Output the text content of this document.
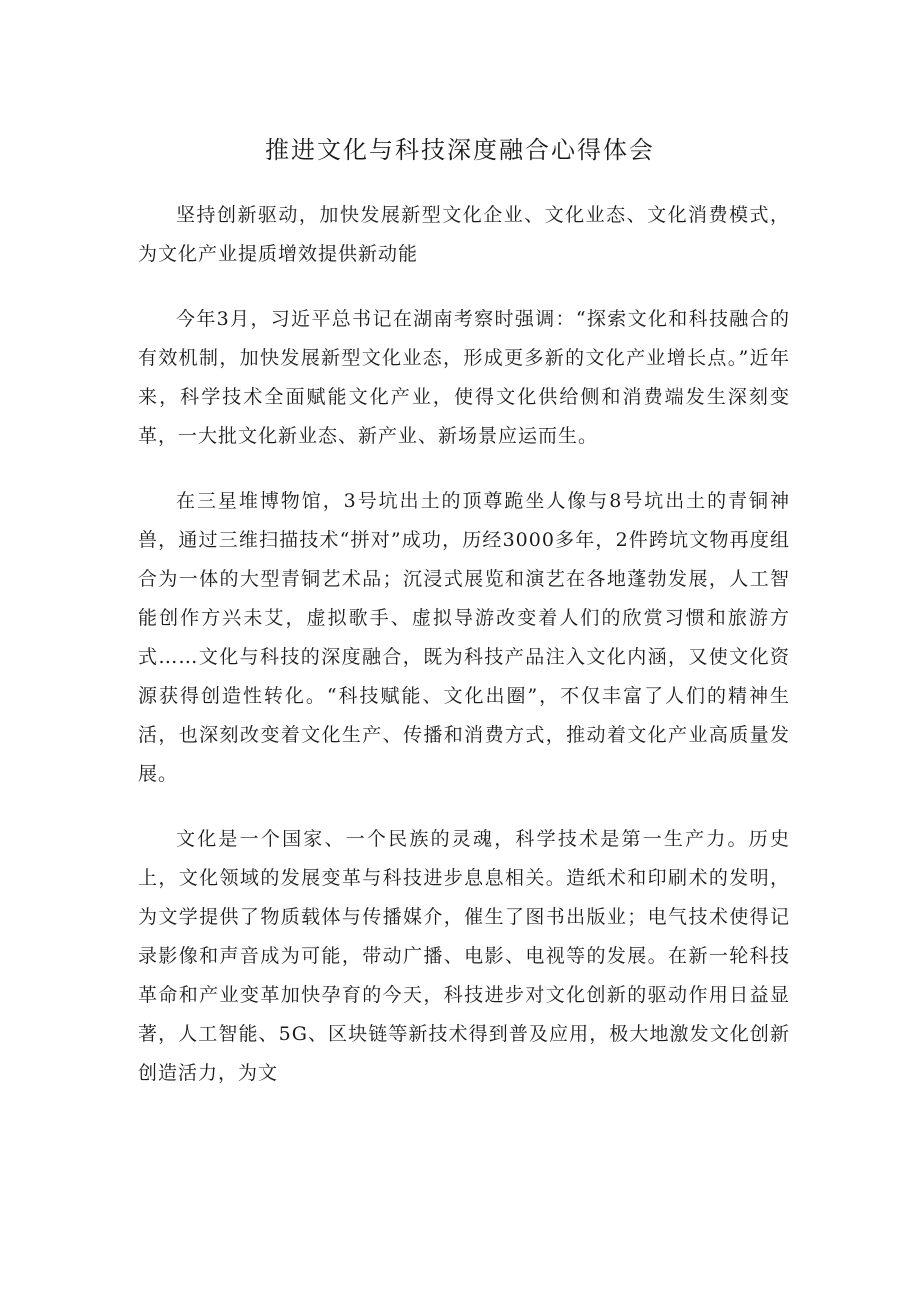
推进文化与科技深度融合心得体会

坚持创新驱动，加快发展新型文化企业、文化业态、文化消费模式，为文化产业提质增效提供新动能

今年3月，习近平总书记在湖南考察时强调：“探索文化和科技融合的有效机制，加快发展新型文化业态，形成更多新的文化产业增长点。”近年来，科学技术全面赋能文化产业，使得文化供给侧和消费端发生深刻变革，一大批文化新业态、新产业、新场景应运而生。

在三星堆博物馆，3号坑出土的顶尊跪坐人像与8号坑出土的青铜神兽，通过三维扫描技术“拼对”成功，历经3000多年，2件跨坑文物再度组合为一体的大型青铜艺术品；沉浸式展览和演艺在各地蓬勃发展，人工智能创作方兴未艾，虚拟歌手、虚拟导游改变着人们的欣赏习惯和旅游方式……文化与科技的深度融合，既为科技产品注入文化内涵，又使文化资源获得创造性转化。“科技赋能、文化出圈”，不仅丰富了人们的精神生活，也深刻改变着文化生产、传播和消费方式，推动着文化产业高质量发展。

文化是一个国家、一个民族的灵魂，科学技术是第一生产力。历史上，文化领域的发展变革与科技进步息息相关。造纸术和印刷术的发明，为文学提供了物质载体与传播媒介，催生了图书出版业；电气技术使得记录影像和声音成为可能，带动广播、电影、电视等的发展。在新一轮科技革命和产业变革加快孕育的今天，科技进步对文化创新的驱动作用日益显著，人工智能、5G、区块链等新技术得到普及应用，极大地激发文化创新创造活力，为文
